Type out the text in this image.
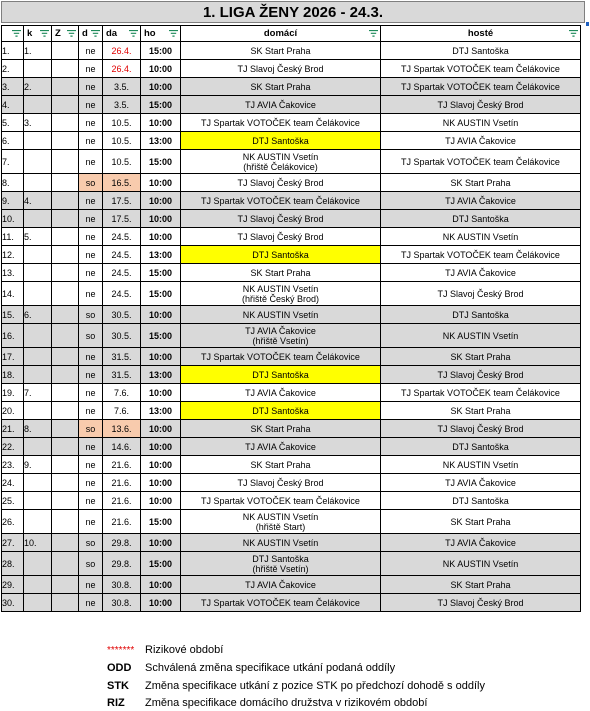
1. LIGA ŽENY 2026 - 24.3.
	k	Z	d	da	ho	domácí	hosté

1.	1.		ne	26.4.	15:00	SK Start Praha	DTJ Santoška
2.			ne	26.4.	10:00	TJ Slavoj Český Brod	TJ Spartak VOTOČEK team Čelákovice
3.	2.		ne	3.5.	10:00	SK Start Praha	TJ Spartak VOTOČEK team Čelákovice
4.			ne	3.5.	15:00	TJ AVIA Čakovice	TJ Slavoj Český Brod
5.	3.		ne	10.5.	10:00	TJ Spartak VOTOČEK team Čelákovice	NK AUSTIN Vsetín
6.			ne	10.5.	13:00	DTJ Santoška	TJ AVIA Čakovice
7.			ne	10.5.	15:00	NK AUSTIN Vsetín
(hřiště Čelákovice)	TJ Spartak VOTOČEK team Čelákovice
8.			so	16.5.	10:00	TJ Slavoj Český Brod	SK Start Praha
9.	4.		ne	17.5.	10:00	TJ Spartak VOTOČEK team Čelákovice	TJ AVIA Čakovice
10.			ne	17.5.	10:00	TJ Slavoj Český Brod	DTJ Santoška
11.	5.		ne	24.5.	10:00	TJ Slavoj Český Brod	NK AUSTIN Vsetín
12.			ne	24.5.	13:00	DTJ Santoška	TJ Spartak VOTOČEK team Čelákovice
13.			ne	24.5.	15:00	SK Start Praha	TJ AVIA Čakovice
14.			ne	24.5.	15:00	NK AUSTIN Vsetín
(hřiště Český Brod)	TJ Slavoj Český Brod
15.	6.		so	30.5.	10:00	NK AUSTIN Vsetín	DTJ Santoška
16.			so	30.5.	15:00	TJ AVIA Čakovice
(hřiště Vsetín)	NK AUSTIN Vsetín
17.			ne	31.5.	10:00	TJ Spartak VOTOČEK team Čelákovice	SK Start Praha
18.			ne	31.5.	13:00	DTJ Santoška	TJ Slavoj Český Brod
19.	7.		ne	7.6.	10:00	TJ AVIA Čakovice	TJ Spartak VOTOČEK team Čelákovice
20.			ne	7.6.	13:00	DTJ Santoška	SK Start Praha
21.	8.		so	13.6.	10:00	SK Start Praha	TJ Slavoj Český Brod
22.			ne	14.6.	10:00	TJ AVIA Čakovice	DTJ Santoška
23.	9.		ne	21.6.	10:00	SK Start Praha	NK AUSTIN Vsetín
24.			ne	21.6.	10:00	TJ Slavoj Český Brod	TJ AVIA Čakovice
25.			ne	21.6.	10:00	TJ Spartak VOTOČEK team Čelákovice	DTJ Santoška
26.			ne	21.6.	15:00	NK AUSTIN Vsetín
(hřiště Start)	SK Start Praha
27.	10.		so	29.8.	10:00	NK AUSTIN Vsetín	TJ AVIA Čakovice
28.			so	29.8.	15:00	DTJ Santoška
(hřiště Vsetín)	NK AUSTIN Vsetín
29.			ne	30.8.	10:00	TJ AVIA Čakovice	SK Start Praha
30.			ne	30.8.	10:00	TJ Spartak VOTOČEK team Čelákovice	TJ Slavoj Český Brod
******* Rizikové období
ODD	Schválená změna specifikace utkání podaná oddíly
STK	Změna specifikace utkání z pozice STK po předchozí dohodě s oddíly
RIZ	Změna specifikace domácího družstva v rizikovém období
